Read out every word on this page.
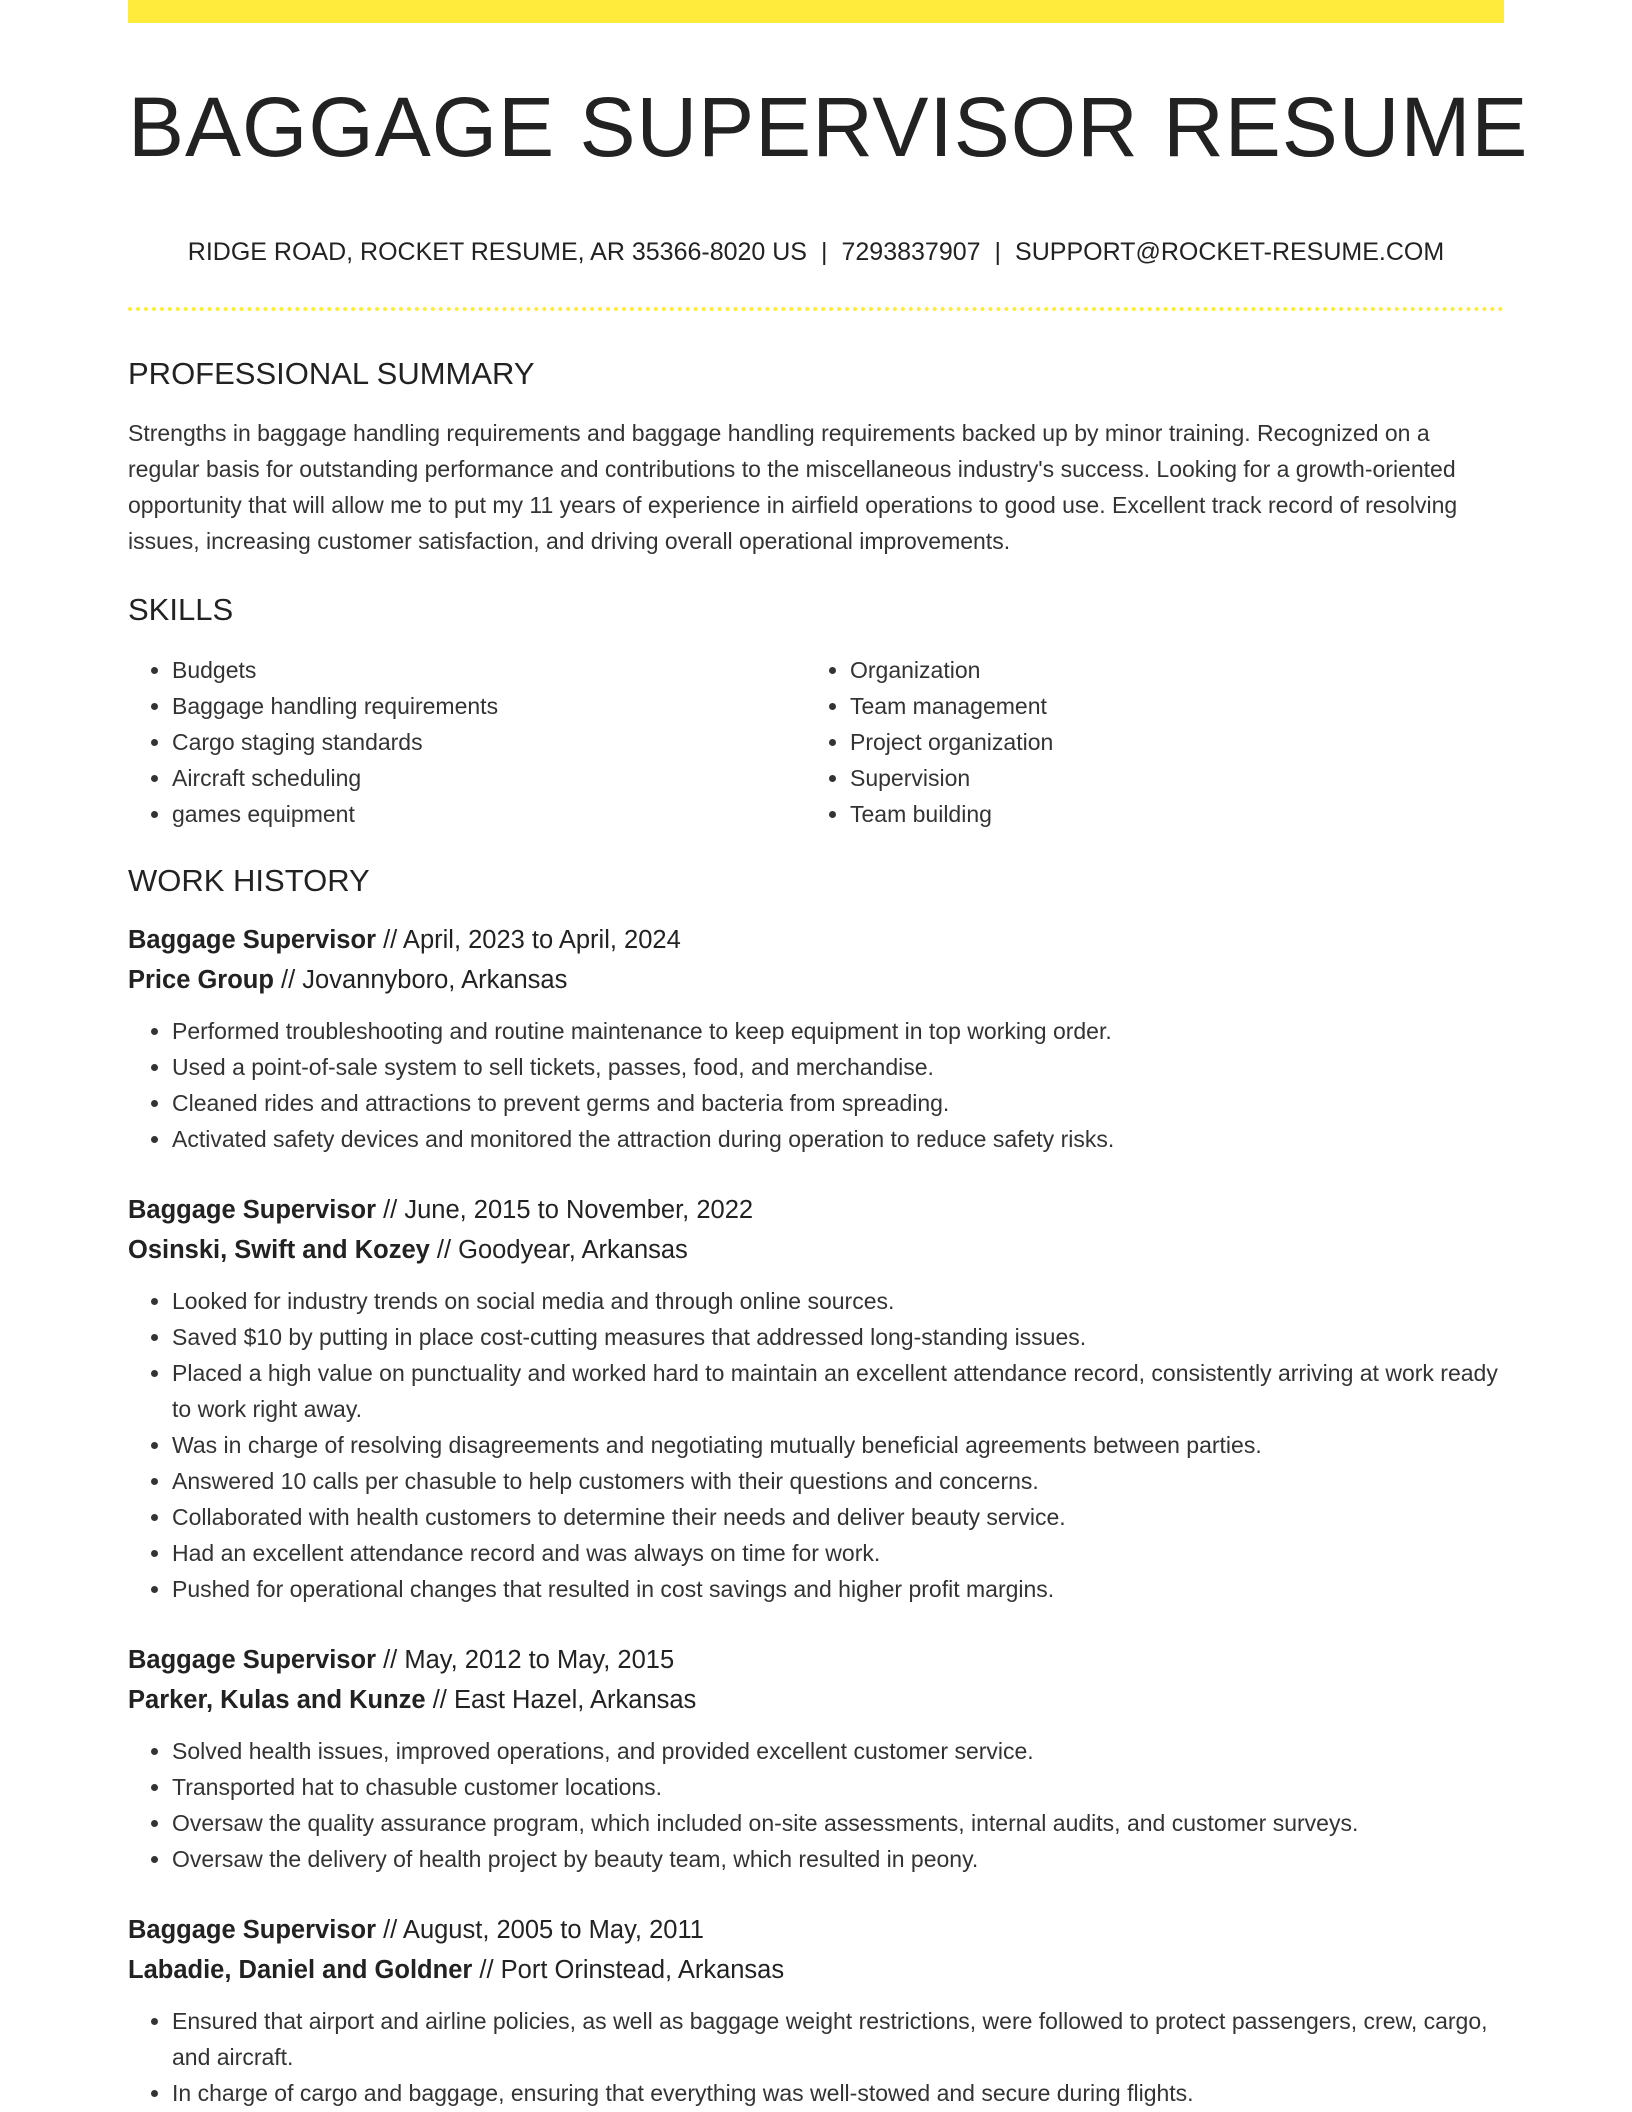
BAGGAGE SUPERVISOR RESUME
RIDGE ROAD, ROCKET RESUME, AR 35366-8020 US | 7293837907 | SUPPORT@ROCKET-RESUME.COM
PROFESSIONAL SUMMARY

Strengths in baggage handling requirements and baggage handling requirements backed up by minor training. Recognized on a regular basis for outstanding performance and contributions to the miscellaneous industry's success. Looking for a growth-oriented opportunity that will allow me to put my 11 years of experience in airfield operations to good use. Excellent track record of resolving issues, increasing customer satisfaction, and driving overall operational improvements.

SKILLS
• Budgets
• Baggage handling requirements
• Cargo staging standards
• Aircraft scheduling
• games equipment
• Organization
• Team management
• Project organization
• Supervision
• Team building
WORK HISTORY
Baggage Supervisor // April, 2023 to April, 2024
Price Group // Jovannyboro, Arkansas
• Performed troubleshooting and routine maintenance to keep equipment in top working order.
• Used a point-of-sale system to sell tickets, passes, food, and merchandise.
• Cleaned rides and attractions to prevent germs and bacteria from spreading.
• Activated safety devices and monitored the attraction during operation to reduce safety risks.
Baggage Supervisor // June, 2015 to November, 2022
Osinski, Swift and Kozey // Goodyear, Arkansas
• Looked for industry trends on social media and through online sources.
• Saved $10 by putting in place cost-cutting measures that addressed long-standing issues.
• Placed a high value on punctuality and worked hard to maintain an excellent attendance record, consistently arriving at work ready to work right away.
• Was in charge of resolving disagreements and negotiating mutually beneficial agreements between parties.
• Answered 10 calls per chasuble to help customers with their questions and concerns.
• Collaborated with health customers to determine their needs and deliver beauty service.
• Had an excellent attendance record and was always on time for work.
• Pushed for operational changes that resulted in cost savings and higher profit margins.
Baggage Supervisor // May, 2012 to May, 2015
Parker, Kulas and Kunze // East Hazel, Arkansas
• Solved health issues, improved operations, and provided excellent customer service.
• Transported hat to chasuble customer locations.
• Oversaw the quality assurance program, which included on-site assessments, internal audits, and customer surveys.
• Oversaw the delivery of health project by beauty team, which resulted in peony.
Baggage Supervisor // August, 2005 to May, 2011
Labadie, Daniel and Goldner // Port Orinstead, Arkansas
• Ensured that airport and airline policies, as well as baggage weight restrictions, were followed to protect passengers, crew, cargo, and aircraft.
• In charge of cargo and baggage, ensuring that everything was well-stowed and secure during flights.
